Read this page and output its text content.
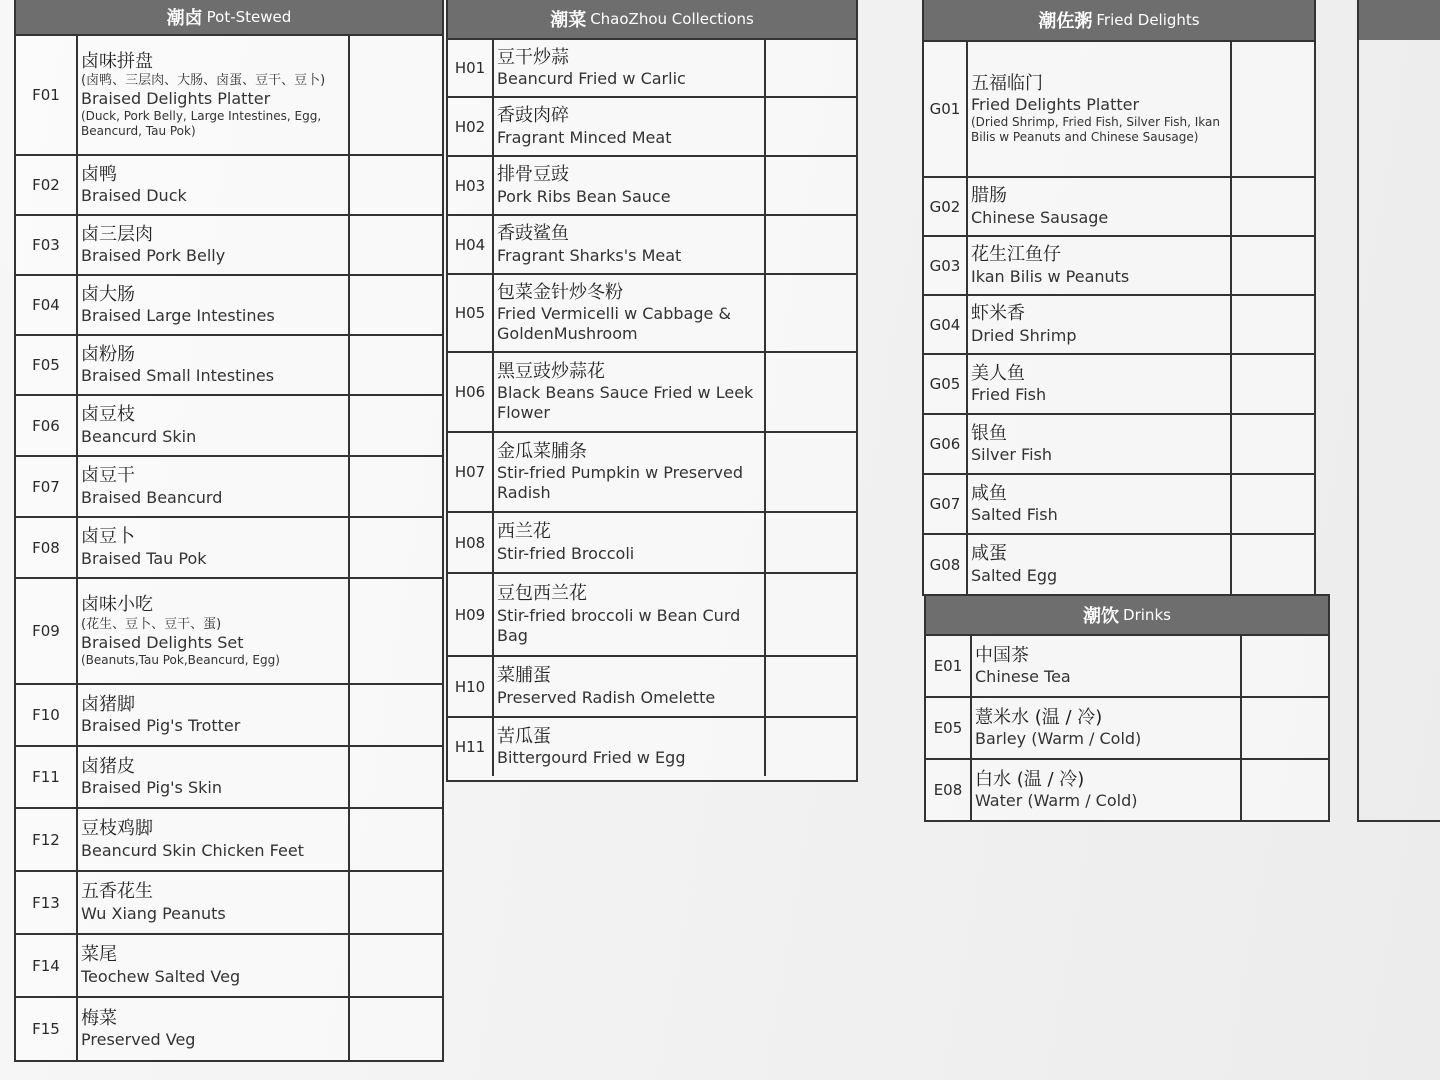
潮卤 Pot-Stewed
F01
卤味拼盘
(卤鸭、三层肉、大肠、卤蛋、豆干、豆卜)
Braised Delights Platter
(Duck, Pork Belly, Large Intestines, Egg, Beancurd, Tau Pok)
F02
卤鸭
Braised Duck
F03
卤三层肉
Braised Pork Belly
F04
卤大肠
Braised Large Intestines
F05
卤粉肠
Braised Small Intestines
F06
卤豆枝
Beancurd Skin
F07
卤豆干
Braised Beancurd
F08
卤豆卜
Braised Tau Pok
F09
卤味小吃
(花生、豆卜、豆干、蛋)
Braised Delights Set
(Beanuts,Tau Pok,Beancurd, Egg)
F10
卤猪脚
Braised Pig's Trotter
F11
卤猪皮
Braised Pig's Skin
F12
豆枝鸡脚
Beancurd Skin Chicken Feet
F13
五香花生
Wu Xiang Peanuts
F14
菜尾
Teochew Salted Veg
F15
梅菜
Preserved Veg
潮菜 ChaoZhou Collections
H01
豆干炒蒜
Beancurd Fried w Carlic
H02
香豉肉碎
Fragrant Minced Meat
H03
排骨豆豉
Pork Ribs Bean Sauce
H04
香豉鲨鱼
Fragrant Sharks's Meat
H05
包菜金针炒冬粉
Fried Vermicelli w Cabbage &
GoldenMushroom
H06
黑豆豉炒蒜花
Black Beans Sauce Fried w Leek
Flower
H07
金瓜菜脯条
Stir-fried Pumpkin w Preserved
Radish
H08
西兰花
Stir-fried Broccoli
H09
豆包西兰花
Stir-fried broccoli w Bean Curd Bag
H10
菜脯蛋
Preserved Radish Omelette
H11
苦瓜蛋
Bittergourd Fried w Egg
潮佐粥 Fried Delights
G01
五福临门
Fried Delights Platter
(Dried Shrimp, Fried Fish, Silver Fish, Ikan Bilis w Peanuts and Chinese Sausage)
G02
腊肠
Chinese Sausage
G03
花生江鱼仔
Ikan Bilis w Peanuts
G04
虾米香
Dried Shrimp
G05
美人鱼
Fried Fish
G06
银鱼
Silver Fish
G07
咸鱼
Salted Fish
G08
咸蛋
Salted Egg
潮饮 Drinks
E01
中国茶
Chinese Tea
E05
薏米水 (温 / 冷)
Barley (Warm / Cold)
E08
白水 (温 / 冷)
Water (Warm / Cold)
